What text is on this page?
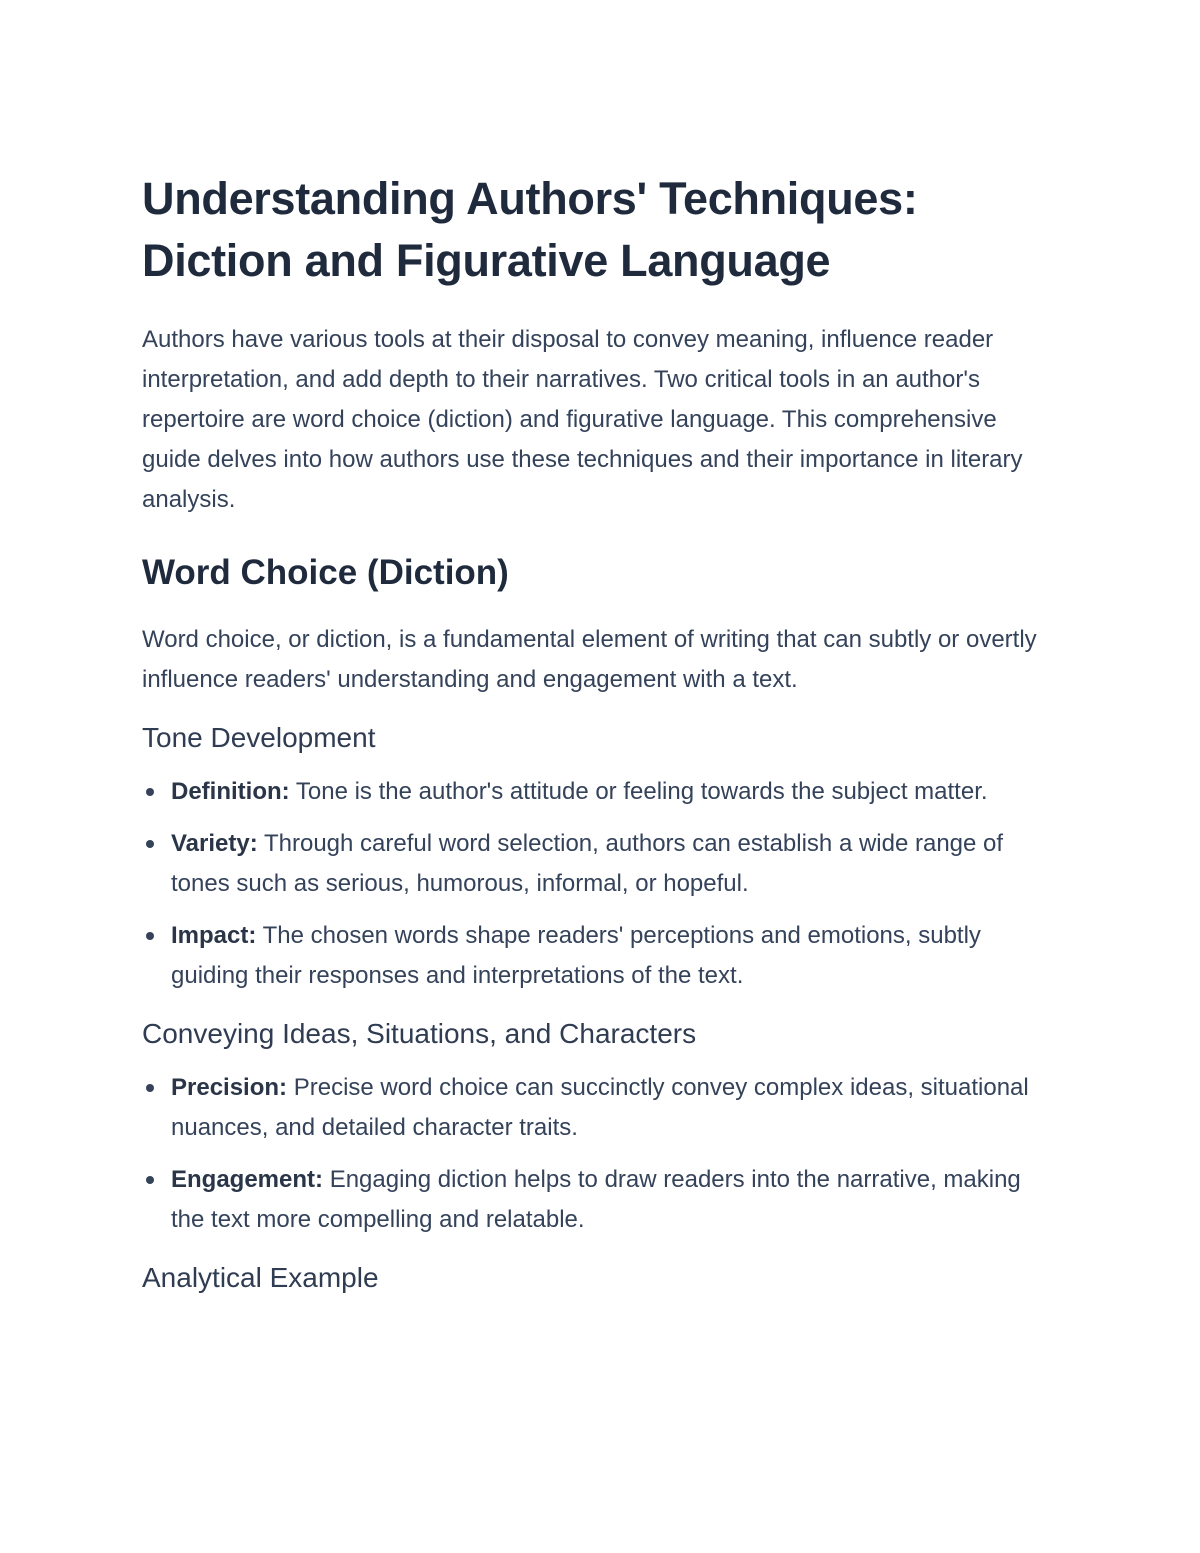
Understanding Authors' Techniques: Diction and Figurative Language

Authors have various tools at their disposal to convey meaning, influence reader interpretation, and add depth to their narratives. Two critical tools in an author's repertoire are word choice (diction) and figurative language. This comprehensive guide delves into how authors use these techniques and their importance in literary analysis.

Word Choice (Diction)

Word choice, or diction, is a fundamental element of writing that can subtly or overtly influence readers' understanding and engagement with a text.

Tone Development
Definition: Tone is the author's attitude or feeling towards the subject matter.
Variety: Through careful word selection, authors can establish a wide range of tones such as serious, humorous, informal, or hopeful.
Impact: The chosen words shape readers' perceptions and emotions, subtly guiding their responses and interpretations of the text.
Conveying Ideas, Situations, and Characters
Precision: Precise word choice can succinctly convey complex ideas, situational nuances, and detailed character traits.
Engagement: Engaging diction helps to draw readers into the narrative, making the text more compelling and relatable.
Analytical Example
